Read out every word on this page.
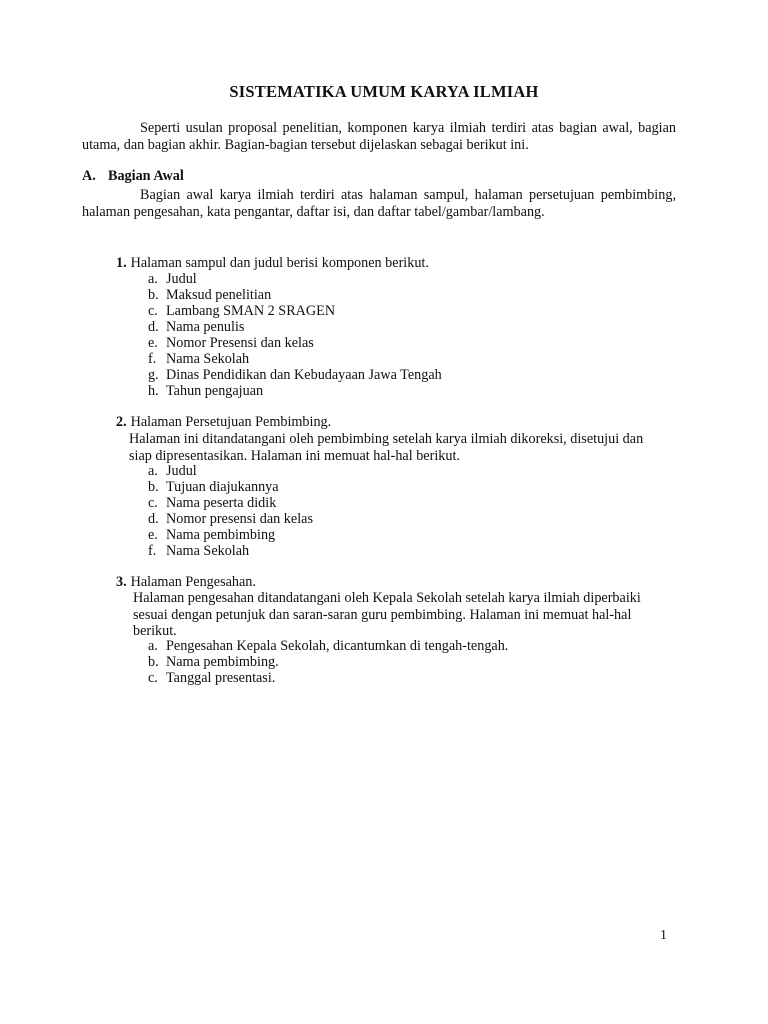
SISTEMATIKA UMUM KARYA ILMIAH
Seperti usulan proposal penelitian, komponen karya ilmiah terdiri atas bagian awal, bagian utama, dan bagian akhir. Bagian-bagian tersebut dijelaskan sebagai berikut ini.
A. Bagian Awal
Bagian awal karya ilmiah terdiri atas halaman sampul, halaman persetujuan pembimbing, halaman pengesahan, kata pengantar, daftar isi, dan daftar tabel/gambar/lambang.
1. Halaman sampul dan judul berisi komponen berikut.
a. Judul
b. Maksud penelitian
c. Lambang SMAN 2 SRAGEN
d. Nama penulis
e. Nomor Presensi dan kelas
f. Nama Sekolah
g. Dinas Pendidikan dan Kebudayaan Jawa Tengah
h. Tahun pengajuan
2. Halaman Persetujuan Pembimbing.
Halaman ini ditandatangani oleh pembimbing setelah karya ilmiah dikoreksi, disetujui dan siap dipresentasikan. Halaman ini memuat hal-hal berikut.
a. Judul
b. Tujuan diajukannya
c. Nama peserta didik
d. Nomor presensi dan kelas
e. Nama pembimbing
f. Nama Sekolah
3. Halaman Pengesahan.
Halaman pengesahan ditandatangani oleh Kepala Sekolah setelah karya ilmiah diperbaiki sesuai dengan petunjuk dan saran-saran guru pembimbing. Halaman ini memuat hal-hal berikut.
a. Pengesahan Kepala Sekolah, dicantumkan di tengah-tengah.
b. Nama pembimbing.
c. Tanggal presentasi.
1
